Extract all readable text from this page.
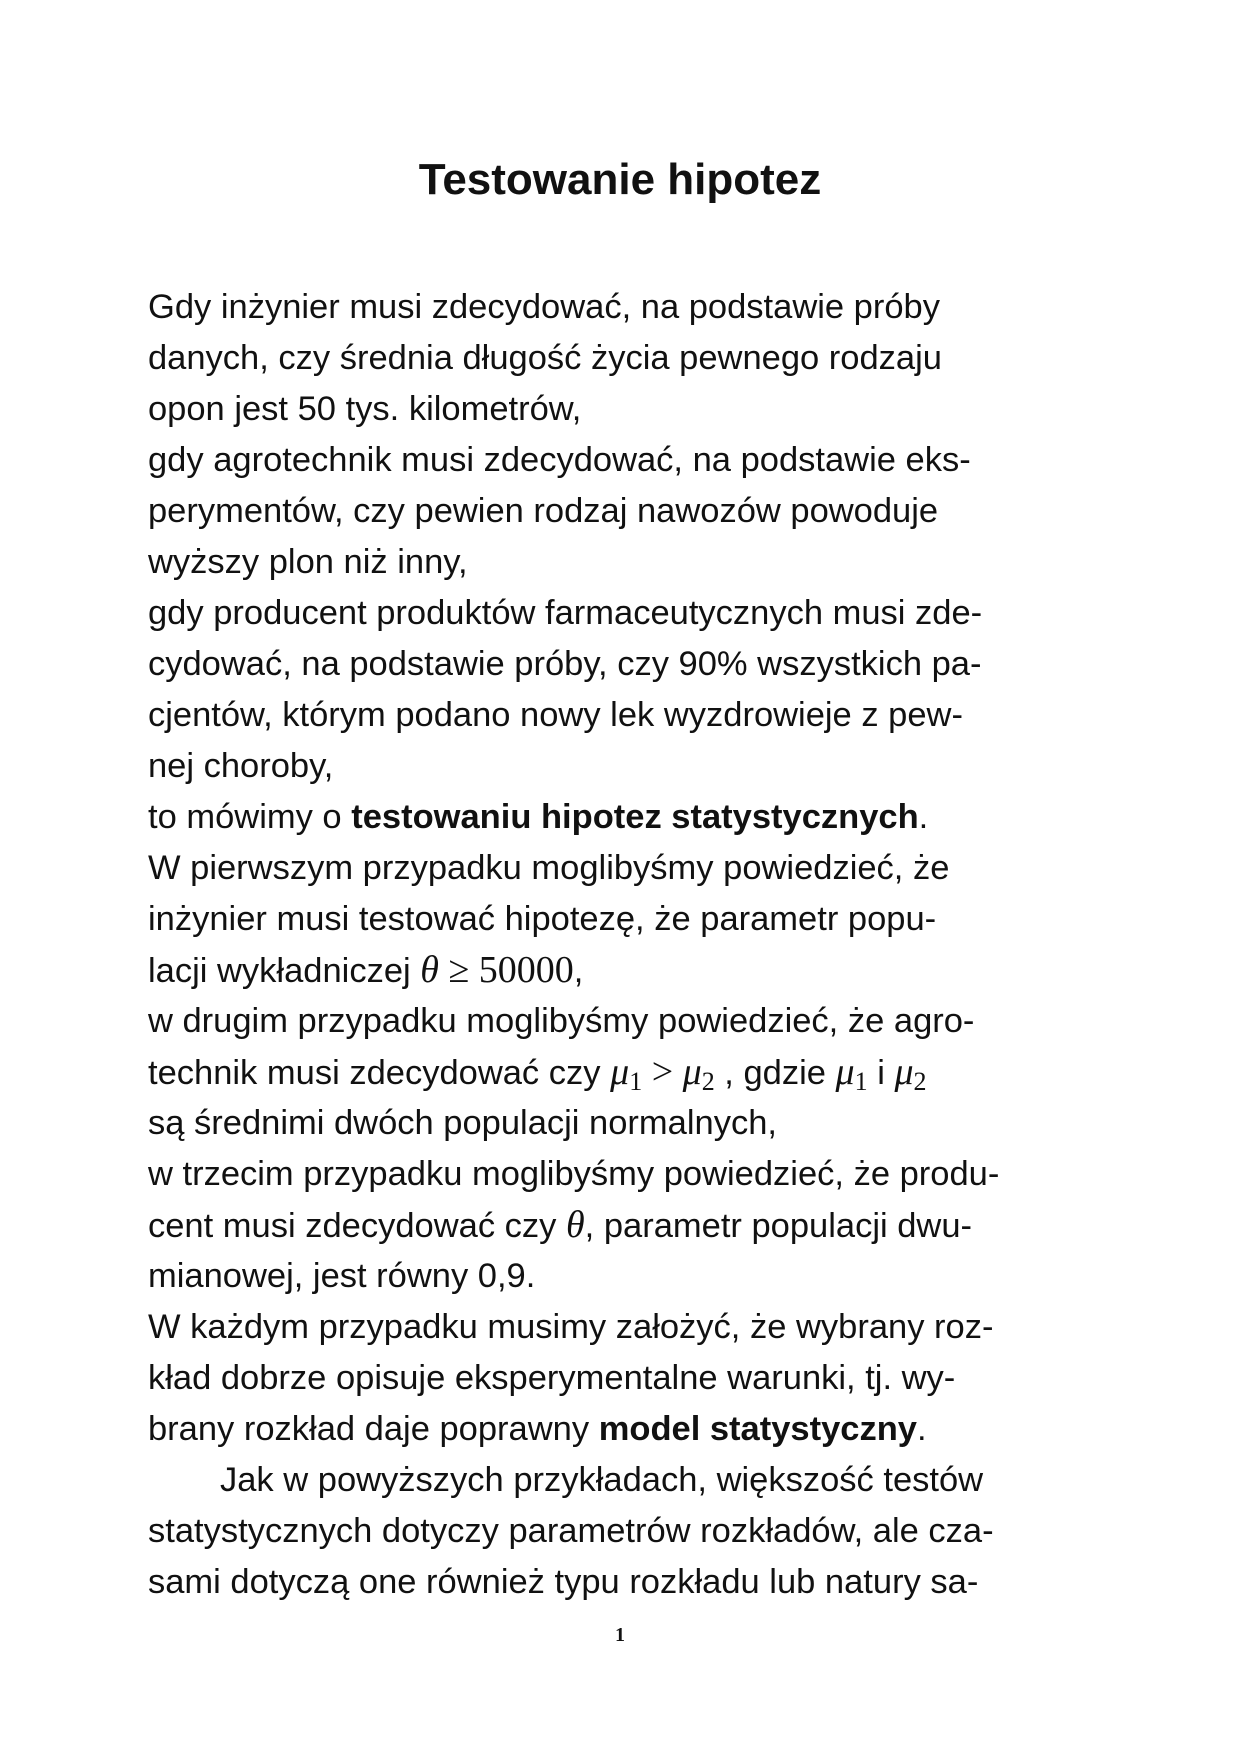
Testowanie hipotez
Gdy inżynier musi zdecydować, na podstawie próby
danych, czy średnia długość życia pewnego rodzaju
opon jest 50 tys. kilometrów,
gdy agrotechnik musi zdecydować, na podstawie eks-
perymentów, czy pewien rodzaj nawozów powoduje
wyższy plon niż inny,
gdy producent produktów farmaceutycznych musi zde-
cydować, na podstawie próby, czy 90% wszystkich pa-
cjentów, którym podano nowy lek wyzdrowieje z pew-
nej choroby,
to mówimy o testowaniu hipotez statystycznych.
W pierwszym przypadku moglibyśmy powiedzieć, że
inżynier musi testować hipotezę, że parametr popu-
lacji wykładniczej θ ≥ 50000,
w drugim przypadku moglibyśmy powiedzieć, że agro-
technik musi zdecydować czy $\mu_1 > \mu_2$ , gdzie $\mu_1$ i $\mu_2$
są średnimi dwóch populacji normalnych,
w trzecim przypadku moglibyśmy powiedzieć, że produ-
cent musi zdecydować czy θ, parametr populacji dwu-
mianowej, jest równy 0,9.
W każdym przypadku musimy założyć, że wybrany roz-
kład dobrze opisuje eksperymentalne warunki, tj. wy-
brany rozkład daje poprawny model statystyczny.
Jak w powyższych przykładach, większość testów
statystycznych dotyczy parametrów rozkładów, ale cza-
sami dotyczą one również typu rozkładu lub natury sa-
1
